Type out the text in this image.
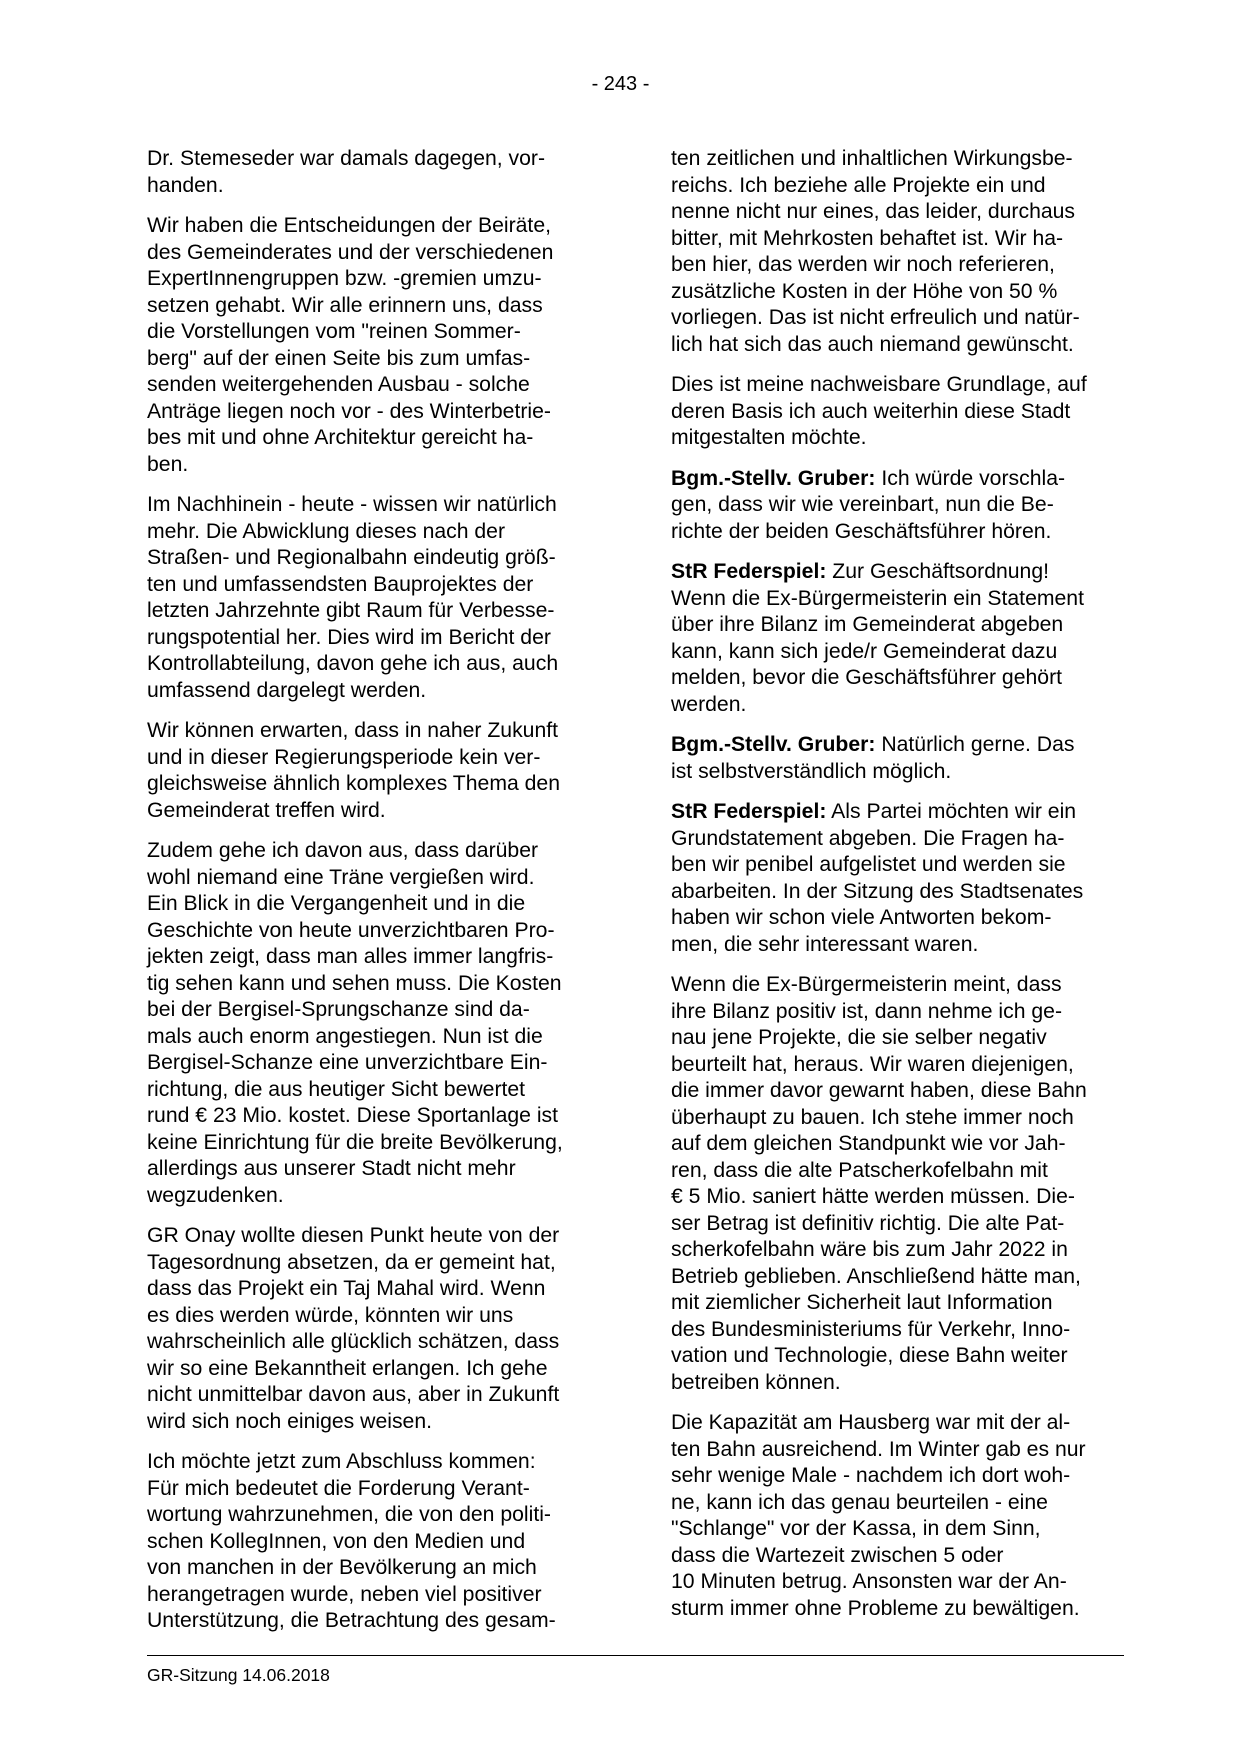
- 243 -

Dr. Stemeseder war damals dagegen, vor-
handen.

Wir haben die Entscheidungen der Beiräte,
des Gemeinderates und der verschiedenen
ExpertInnengruppen bzw. -gremien umzu-
setzen gehabt. Wir alle erinnern uns, dass
die Vorstellungen vom "reinen Sommer-
berg" auf der einen Seite bis zum umfas-
senden weitergehenden Ausbau - solche
Anträge liegen noch vor - des Winterbetrie-
bes mit und ohne Architektur gereicht ha-
ben.

Im Nachhinein - heute - wissen wir natürlich
mehr. Die Abwicklung dieses nach der
Straßen- und Regionalbahn eindeutig größ-
ten und umfassendsten Bauprojektes der
letzten Jahrzehnte gibt Raum für Verbesse-
rungspotential her. Dies wird im Bericht der
Kontrollabteilung, davon gehe ich aus, auch
umfassend dargelegt werden.

Wir können erwarten, dass in naher Zukunft
und in dieser Regierungsperiode kein ver-
gleichsweise ähnlich komplexes Thema den
Gemeinderat treffen wird.

Zudem gehe ich davon aus, dass darüber
wohl niemand eine Träne vergießen wird.
Ein Blick in die Vergangenheit und in die
Geschichte von heute unverzichtbaren Pro-
jekten zeigt, dass man alles immer langfris-
tig sehen kann und sehen muss. Die Kosten
bei der Bergisel-Sprungschanze sind da-
mals auch enorm angestiegen. Nun ist die
Bergisel-Schanze eine unverzichtbare Ein-
richtung, die aus heutiger Sicht bewertet
rund € 23 Mio. kostet. Diese Sportanlage ist
keine Einrichtung für die breite Bevölkerung,
allerdings aus unserer Stadt nicht mehr
wegzudenken.

GR Onay wollte diesen Punkt heute von der
Tagesordnung absetzen, da er gemeint hat,
dass das Projekt ein Taj Mahal wird. Wenn
es dies werden würde, könnten wir uns
wahrscheinlich alle glücklich schätzen, dass
wir so eine Bekanntheit erlangen. Ich gehe
nicht unmittelbar davon aus, aber in Zukunft
wird sich noch einiges weisen.

Ich möchte jetzt zum Abschluss kommen:
Für mich bedeutet die Forderung Verant-
wortung wahrzunehmen, die von den politi-
schen KollegInnen, von den Medien und
von manchen in der Bevölkerung an mich
herangetragen wurde, neben viel positiver
Unterstützung, die Betrachtung des gesam-

ten zeitlichen und inhaltlichen Wirkungsbe-
reichs. Ich beziehe alle Projekte ein und
nenne nicht nur eines, das leider, durchaus
bitter, mit Mehrkosten behaftet ist. Wir ha-
ben hier, das werden wir noch referieren,
zusätzliche Kosten in der Höhe von 50 %
vorliegen. Das ist nicht erfreulich und natür-
lich hat sich das auch niemand gewünscht.

Dies ist meine nachweisbare Grundlage, auf
deren Basis ich auch weiterhin diese Stadt
mitgestalten möchte.

Bgm.-Stellv. Gruber: Ich würde vorschla-
gen, dass wir wie vereinbart, nun die Be-
richte der beiden Geschäftsführer hören.

StR Federspiel: Zur Geschäftsordnung!
Wenn die Ex-Bürgermeisterin ein Statement
über ihre Bilanz im Gemeinderat abgeben
kann, kann sich jede/r Gemeinderat dazu
melden, bevor die Geschäftsführer gehört
werden.

Bgm.-Stellv. Gruber: Natürlich gerne. Das
ist selbstverständlich möglich.

StR Federspiel: Als Partei möchten wir ein
Grundstatement abgeben. Die Fragen ha-
ben wir penibel aufgelistet und werden sie
abarbeiten. In der Sitzung des Stadtsenates
haben wir schon viele Antworten bekom-
men, die sehr interessant waren.

Wenn die Ex-Bürgermeisterin meint, dass
ihre Bilanz positiv ist, dann nehme ich ge-
nau jene Projekte, die sie selber negativ
beurteilt hat, heraus. Wir waren diejenigen,
die immer davor gewarnt haben, diese Bahn
überhaupt zu bauen. Ich stehe immer noch
auf dem gleichen Standpunkt wie vor Jah-
ren, dass die alte Patscherkofelbahn mit
€ 5 Mio. saniert hätte werden müssen. Die-
ser Betrag ist definitiv richtig. Die alte Pat-
scherkofelbahn wäre bis zum Jahr 2022 in
Betrieb geblieben. Anschließend hätte man,
mit ziemlicher Sicherheit laut Information
des Bundesministeriums für Verkehr, Inno-
vation und Technologie, diese Bahn weiter
betreiben können.

Die Kapazität am Hausberg war mit der al-
ten Bahn ausreichend. Im Winter gab es nur
sehr wenige Male - nachdem ich dort woh-
ne, kann ich das genau beurteilen - eine
"Schlange" vor der Kassa, in dem Sinn,
dass die Wartezeit zwischen 5 oder
10 Minuten betrug. Ansonsten war der An-
sturm immer ohne Probleme zu bewältigen.

GR-Sitzung 14.06.2018
